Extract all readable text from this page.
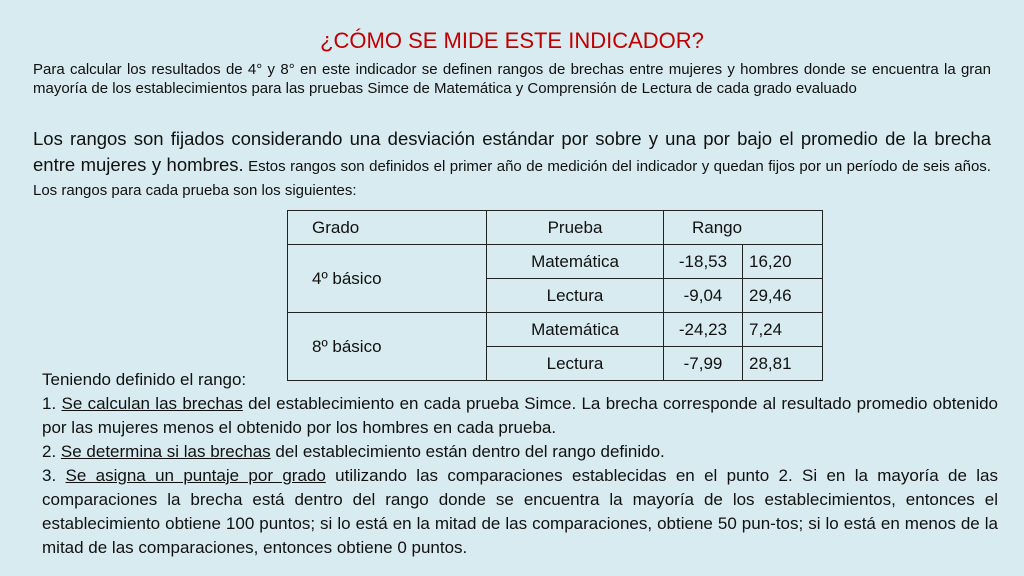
¿CÓMO SE MIDE ESTE INDICADOR?

Para calcular los resultados de 4° y 8° en este indicador se definen rangos de brechas entre mujeres y hombres donde se encuentra la gran mayoría de los establecimientos para las pruebas Simce de Matemática y Comprensión de Lectura de cada grado evaluado

Los rangos son fijados considerando una desviación estándar por sobre y una por bajo el promedio de la brecha entre mujeres y hombres. Estos rangos son definidos el primer año de medición del indicador y quedan fijos por un período de seis años. Los rangos para cada prueba son los siguientes:

Grado	Prueba	Rango	
4º básico	Matemática	-18,53	16,20
	Lectura	-9,04	29,46
8º básico	Matemática	-24,23	7,24
	Lectura	-7,99	28,81

Teniendo definido el rango:

1. Se calculan las brechas del establecimiento en cada prueba Simce. La brecha corresponde al resultado promedio obtenido por las mujeres menos el obtenido por los hombres en cada prueba.

2. Se determina si las brechas del establecimiento están dentro del rango definido.

3. Se asigna un puntaje por grado utilizando las comparaciones establecidas en el punto 2. Si en la mayoría de las comparaciones la brecha está dentro del rango donde se encuentra la mayoría de los establecimientos, entonces el establecimiento obtiene 100 puntos; si lo está en la mitad de las comparaciones, obtiene 50 pun-tos; si lo está en menos de la mitad de las comparaciones, entonces obtiene 0 puntos.
